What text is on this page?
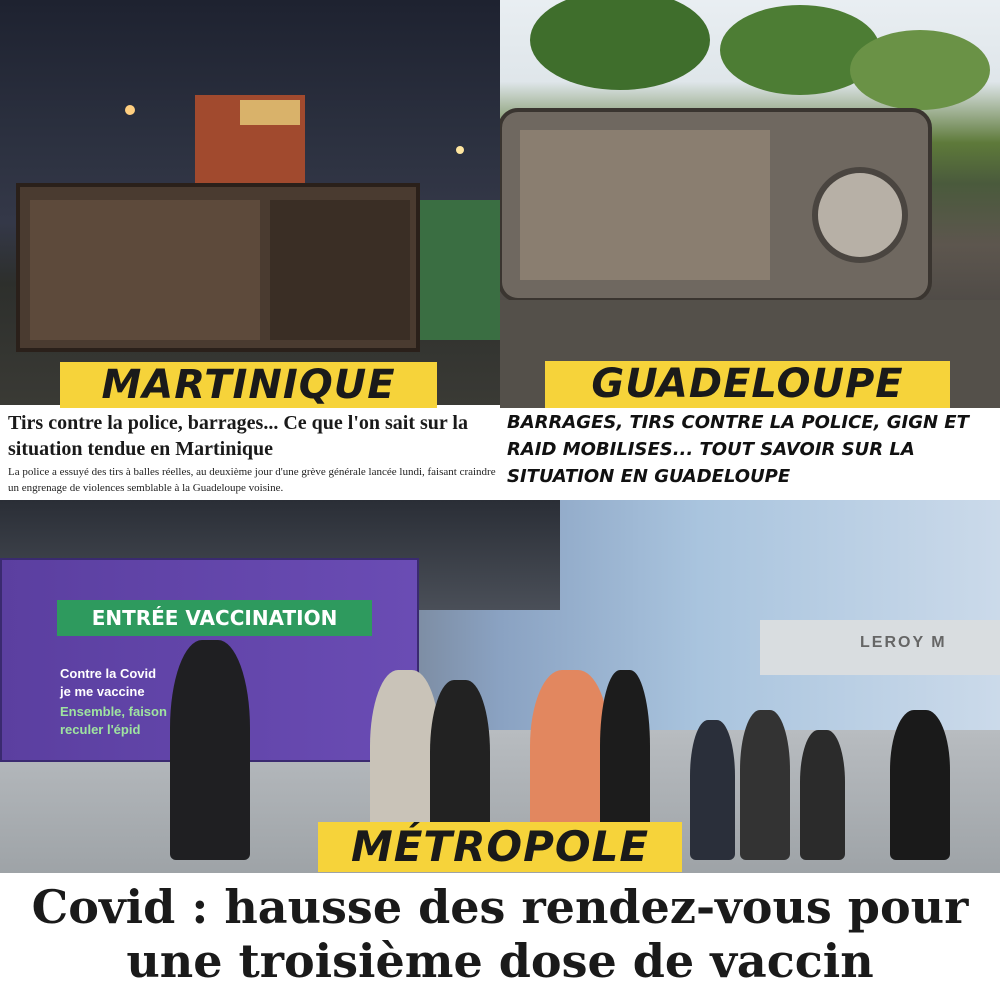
MARTINIQUE
Tirs contre la police, barrages... Ce que l'on sait sur la situation tendue en Martinique
La police a essuyé des tirs à balles réelles, au deuxième jour d'une grève générale lancée lundi, faisant craindre un engrenage de violences semblable à la Guadeloupe voisine.
GUADELOUPE
BARRAGES, TIRS CONTRE LA POLICE, GIGN ET RAID MOBILISES... TOUT SAVOIR SUR LA SITUATION EN GUADELOUPE
ENTRÉE VACCINATION
Contre la Covid
je me vaccine
Ensemble, faison
reculer l'épid
LEROY M
MÉTROPOLE
Covid : hausse des rendez-vous pour une troisième dose de vaccin
